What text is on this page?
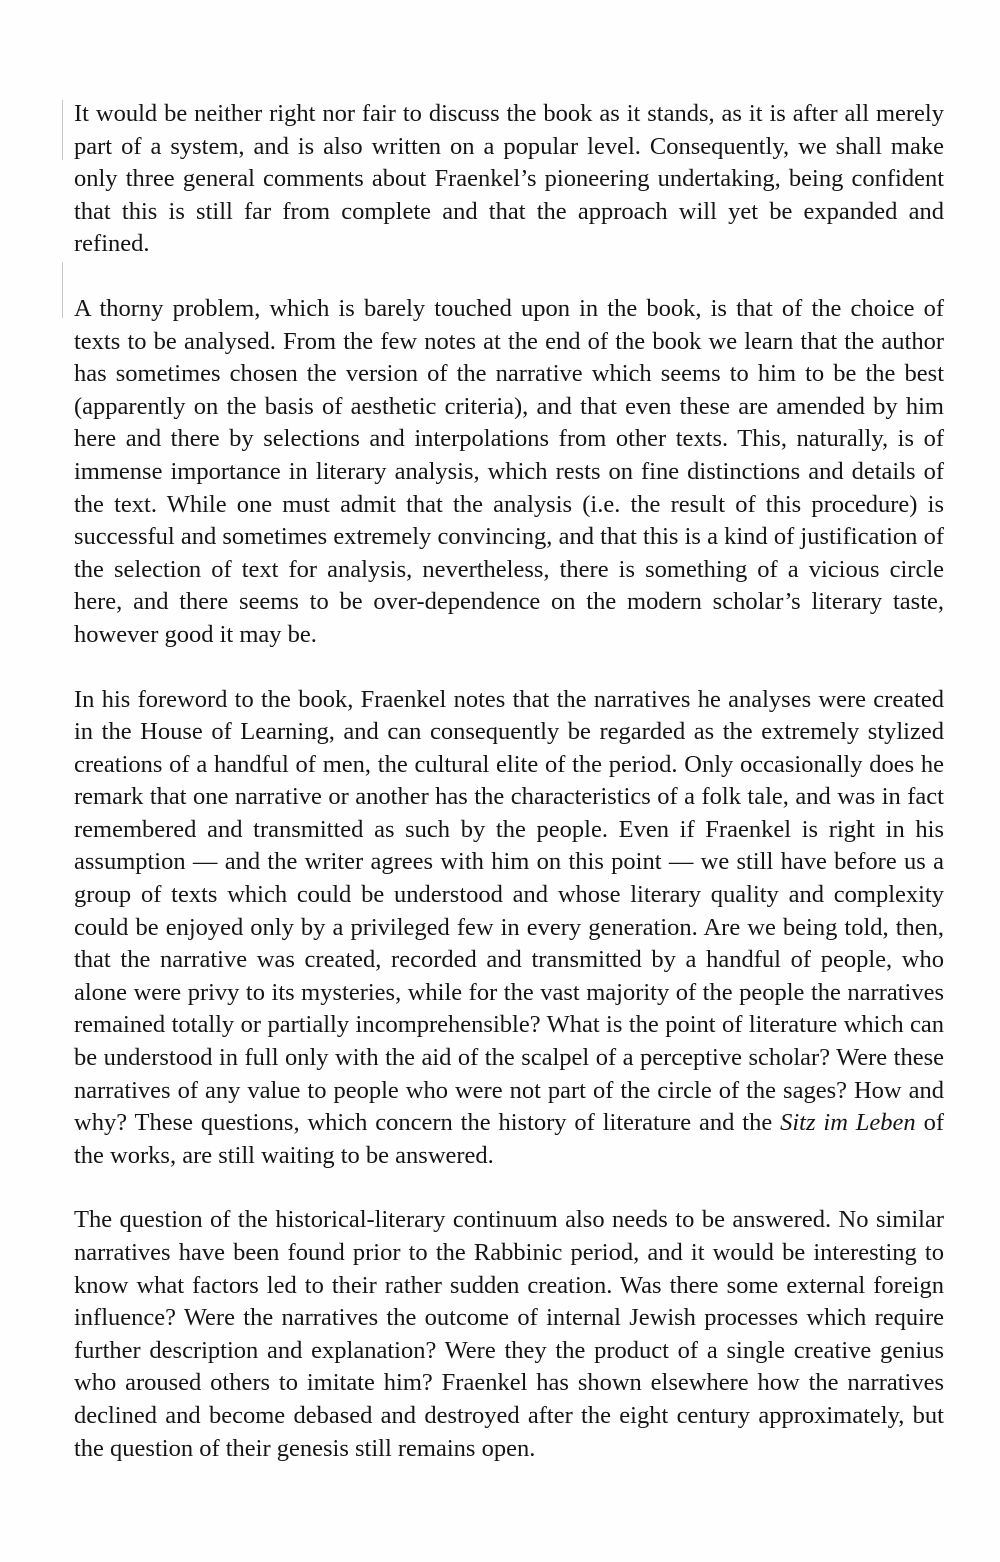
It would be neither right nor fair to discuss the book as it stands, as it is after all merely part of a system, and is also written on a popular level. Consequently, we shall make only three general comments about Fraenkel’s pioneering undertaking, being confident that this is still far from complete and that the approach will yet be expanded and refined.

A thorny problem, which is barely touched upon in the book, is that of the choice of texts to be analysed. From the few notes at the end of the book we learn that the author has sometimes chosen the version of the narrative which seems to him to be the best (apparently on the basis of aesthetic criteria), and that even these are amended by him here and there by selections and interpolations from other texts. This, naturally, is of immense importance in literary analysis, which rests on fine distinctions and details of the text. While one must admit that the analysis (i.e. the result of this procedure) is successful and sometimes extremely convincing, and that this is a kind of justification of the selection of text for analysis, nevertheless, there is something of a vicious circle here, and there seems to be over-dependence on the modern scholar’s literary taste, however good it may be.

In his foreword to the book, Fraenkel notes that the narratives he analyses were created in the House of Learning, and can consequently be regarded as the extremely stylized creations of a handful of men, the cultural elite of the period. Only occasionally does he remark that one narrative or another has the characteristics of a folk tale, and was in fact remembered and transmitted as such by the people. Even if Fraenkel is right in his assumption — and the writer agrees with him on this point — we still have before us a group of texts which could be understood and whose literary quality and complexity could be enjoyed only by a privileged few in every generation. Are we being told, then, that the narrative was created, recorded and transmitted by a handful of people, who alone were privy to its mysteries, while for the vast majority of the people the narratives remained totally or partially incomprehensible? What is the point of literature which can be understood in full only with the aid of the scalpel of a perceptive scholar? Were these narratives of any value to people who were not part of the circle of the sages? How and why? These questions, which concern the history of literature and the Sitz im Leben of the works, are still waiting to be answered.

The question of the historical-literary continuum also needs to be answered. No similar narratives have been found prior to the Rabbinic period, and it would be interesting to know what factors led to their rather sudden creation. Was there some external foreign influence? Were the narratives the outcome of internal Jewish processes which require further description and explanation? Were they the product of a single creative genius who aroused others to imitate him? Fraenkel has shown elsewhere how the narratives declined and become debased and destroyed after the eight century approximately, but the question of their genesis still remains open.
